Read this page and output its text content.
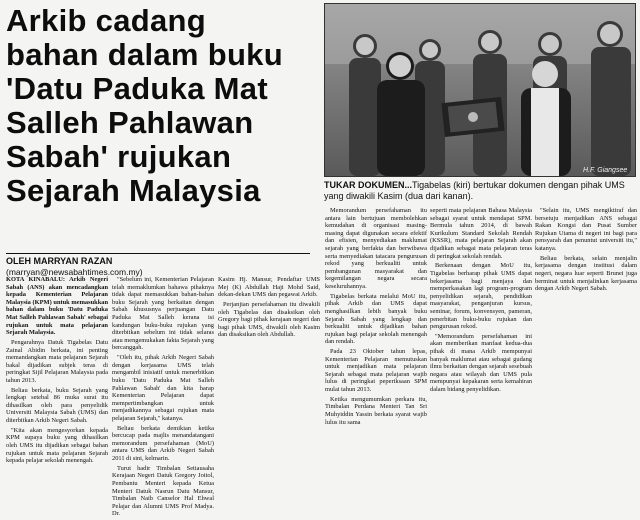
Arkib cadang
bahan dalam buku
'Datu Paduka Mat
Salleh Pahlawan
Sabah' rujukan
Sejarah Malaysia
H.F. Giangsee
TUKAR DOKUMEN...Tigabelas (kiri) bertukar dokumen dengan pihak UMS yang diwakili Kasim (dua dari kanan).
OLEH MARRYAN RAZAN
(marryan@newsabahtimes.com.my)

KOTA KINABALU: Arkib Negeri Sabah (ANS) akan mencadangkan kepada Kementerian Pelajaran Malaysia (KPM) untuk memasukkan bahan dalam buku 'Datu Paduka Mat Salleh Pahlawan Sabah' sebagai rujukan untuk mata pelajaran Sejarah Malaysia.

Pengarahnya Datuk Tigabelas Datu Zainal Abidin berkata, ini penting memandangkan mata pelajaran Sejarah bakal dijadikan subjek teras di peringkat Sijil Pelajaran Malaysia pada tahun 2013.

Beliau berkata, buku Sejarah yang lengkap setebal 86 muka surat itu dihasilkan oleh para penyelidik Universiti Malaysia Sabah (UMS) dan diterbitkan Arkib Negeri Sabah.

"Kita akan mengesyorkan kepada KPM supaya buku yang dihasilkan oleh UMS itu dijadikan sebagai bahan rujukan untuk mata pelajaran Sejarah kepada pelajar sekolah menengah.

"Sebelum ini, Kementerian Pelajaran telah memaklumkan bahawa pihaknya tidak dapat memasukkan bahan-bahan buku Sejarah yang berkaitan dengan Sabah khususnya perjuangan Datu Paduka Mat Salleh kerana isi kandungan buku-buku rujukan yang diterbitkan sebelum ini tidak selaras atau mengemukakan fakta Sejarah yang bercanggah.

"Oleh itu, pihak Arkib Negeri Sabah dengan kerjasama UMS telah mengambil inisiatif untuk menerbitkan buku 'Datu Paduka Mat Salleh Pahlawan Sabah' dan kita harap Kementerian Pelajaran dapat mempertimbangkan untuk menjadikannya sebagai rujukan mata pelajaran Sejarah," katanya.

Beliau berkata demikian ketika bercucap pada majlis menandatangani memorandum persefahaman (MoU) antara UMS dan Arkib Negeri Sabah 2011 di sini, kelmarin.

Turut hadir Timbalan Setiausaha Kerajaan Negeri Datuk Gregory Joitol, Pembantu Menteri kepada Ketua Menteri Datuk Nasrun Datu Mansur, Timbalan Naib Canselor Hal Ehwal Pelajar dan Alumni UMS Prof Madya. Dr.

Kasim Hj. Mansur, Pendaftar UMS Mej (K) Abdullah Haji Mohd Said, dekan-dekan UMS dan pegawai Arkib.

Perjanjian persefahaman itu diwakili oleh Tigabelas dan disaksikan oleh Gregory bagi pihak kerajaan negeri dan bagi pihak UMS, diwakili oleh Kasim dan disaksikan oleh Abdullah.

Memorandum persefahaman itu antara lain bertujuan membolehkan kemudahan di organisasi masing-masing dapat digunakan secara efektif dan efisien, menyediakan maklumat sejarah yang berfakta dan berwibawa serta menyediakan tatacara pengurusan rekod yang berkualiti untuk pembangunan masyarakat dan kegemilangan negara secara keseluruhannya.

Tigabelas berkata melalui MoU itu, pihak Arkib dan UMS dapat menghasilkan lebih banyak buku Sejarah Sabah yang lengkap dan berkualiti untuk dijadikan bahan rujukan bagi pelajar sekolah menengah dan rendah.

Pada 23 Oktober tahun lepas, Kementerian Pelajaran memutuskan untuk menjadikan mata pelajaran Sejarah sebagai mata pelajaran wajib lulus di peringkat peperiksaan SPM mulai tahun 2013.

Ketika mengumumkan perkara itu, Timbalan Perdana Menteri Tan Sri Muhyiddin Yassin berkata syarat wajib lulus itu sama

seperti mata pelajaran Bahasa Malaysia sebagai syarat untuk mendapat SPM. Bermula tahun 2014, di bawah Kurikulum Standard Sekolah Rendah (KSSR), mata pelajaran Sejarah akan dijadikan sebagai mata pelajaran teras di peringkat sekolah rendah.

Berkenaan dengan MoU itu, Tigabelas berharap pihak UMS dapat bekerjasama bagi menjaya dan memperkasakan lagi program-program penyelidikan sejarah, pendidikan masyarakat, penganjuran kursus, seminar, forum, konvensyen, pameran, penerbitan buku-buku rujukan dan pengurusan rekod.

"Memorandum persefahaman ini akan memberikan manfaat kedua-dua pihak di mana Arkib mempunyai banyak maklumat atau sebagai gudang ilmu berkaitan dengan sejarah sesebuah negara atau wilayah dan UMS pula mempunyai kepakaran serta kemahiran dalam bidang penyelidikan.

"Selain itu, UMS mengiktiraf dan bersetuju menjadikan ANS sebagai Rakan Kongsi dan Pusat Sumber Rujukan Utama di negeri ini bagi para pensyarah dan penuntut universiti itu," katanya.

Beliau berkata, selain menjalin kerjasama dengan institusi dalam negeri, negara luar seperti Brunei juga berminat untuk menjalinkan kerjasama dengan Arkib Negeri Sabah.
